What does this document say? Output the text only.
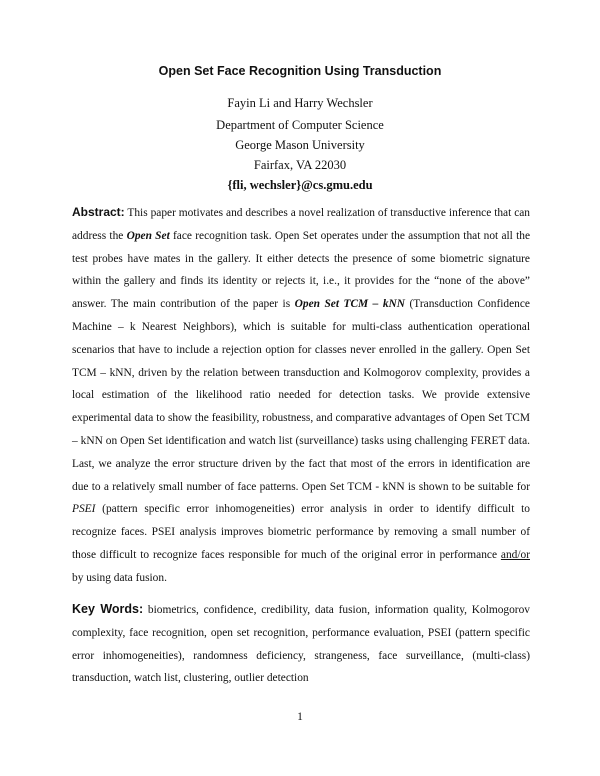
Open Set Face Recognition Using Transduction
Fayin Li and Harry Wechsler
Department of Computer Science
George Mason University
Fairfax, VA 22030
{fli, wechsler}@cs.gmu.edu

Abstract: This paper motivates and describes a novel realization of transductive inference that can address the Open Set face recognition task. Open Set operates under the assumption that not all the test probes have mates in the gallery. It either detects the presence of some biometric signature within the gallery and finds its identity or rejects it, i.e., it provides for the “none of the above” answer. The main contribution of the paper is Open Set TCM – kNN (Transduction Confidence Machine – k Nearest Neighbors), which is suitable for multi-class authentication operational scenarios that have to include a rejection option for classes never enrolled in the gallery. Open Set TCM – kNN, driven by the relation between transduction and Kolmogorov complexity, provides a local estimation of the likelihood ratio needed for detection tasks. We provide extensive experimental data to show the feasibility, robustness, and comparative advantages of Open Set TCM – kNN on Open Set identification and watch list (surveillance) tasks using challenging FERET data. Last, we analyze the error structure driven by the fact that most of the errors in identification are due to a relatively small number of face patterns. Open Set TCM - kNN is shown to be suitable for PSEI (pattern specific error inhomogeneities) error analysis in order to identify difficult to recognize faces. PSEI analysis improves biometric performance by removing a small number of those difficult to recognize faces responsible for much of the original error in performance and/or by using data fusion.

Key Words: biometrics, confidence, credibility, data fusion, information quality, Kolmogorov complexity, face recognition, open set recognition, performance evaluation, PSEI (pattern specific error inhomogeneities), randomness deficiency, strangeness, face surveillance, (multi-class) transduction, watch list, clustering, outlier detection

1
